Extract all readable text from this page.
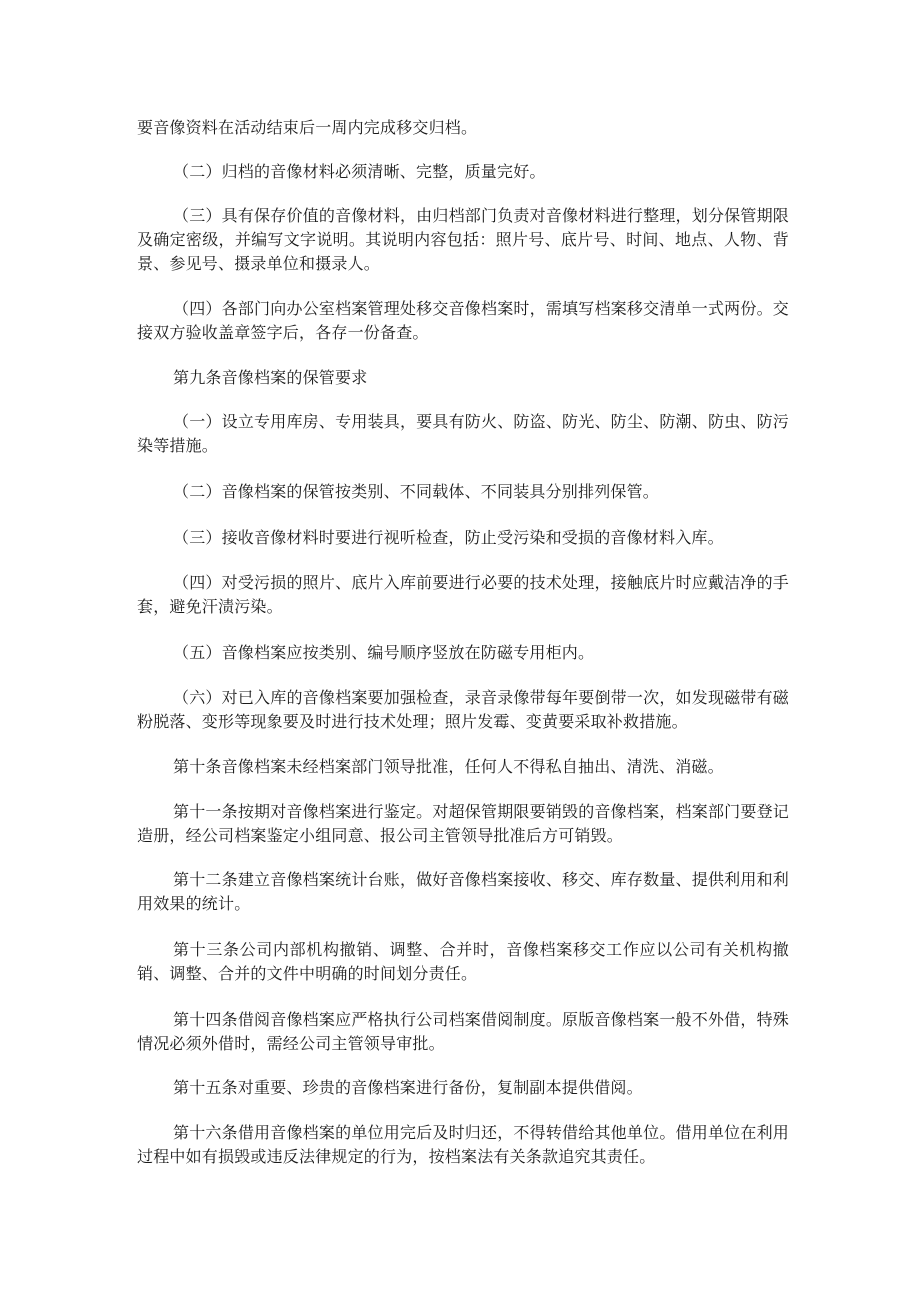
要音像资料在活动结束后一周内完成移交归档。

（二）归档的音像材料必须清晰、完整，质量完好。

（三）具有保存价值的音像材料，由归档部门负责对音像材料进行整理，划分保管期限及确定密级，并编写文字说明。其说明内容包括：照片号、底片号、时间、地点、人物、背景、参见号、摄录单位和摄录人。

（四）各部门向办公室档案管理处移交音像档案时，需填写档案移交清单一式两份。交接双方验收盖章签字后，各存一份备查。

第九条音像档案的保管要求

（一）设立专用库房、专用装具，要具有防火、防盗、防光、防尘、防潮、防虫、防污染等措施。

（二）音像档案的保管按类别、不同载体、不同装具分别排列保管。

（三）接收音像材料时要进行视听检查，防止受污染和受损的音像材料入库。

（四）对受污损的照片、底片入库前要进行必要的技术处理，接触底片时应戴洁净的手套，避免汗渍污染。

（五）音像档案应按类别、编号顺序竖放在防磁专用柜内。

（六）对已入库的音像档案要加强检查，录音录像带每年要倒带一次，如发现磁带有磁粉脱落、变形等现象要及时进行技术处理；照片发霉、变黄要采取补救措施。

第十条音像档案未经档案部门领导批准，任何人不得私自抽出、清洗、消磁。

第十一条按期对音像档案进行鉴定。对超保管期限要销毁的音像档案，档案部门要登记造册，经公司档案鉴定小组同意、报公司主管领导批准后方可销毁。

第十二条建立音像档案统计台账，做好音像档案接收、移交、库存数量、提供利用和利用效果的统计。

第十三条公司内部机构撤销、调整、合并时，音像档案移交工作应以公司有关机构撤销、调整、合并的文件中明确的时间划分责任。

第十四条借阅音像档案应严格执行公司档案借阅制度。原版音像档案一般不外借，特殊情况必须外借时，需经公司主管领导审批。

第十五条对重要、珍贵的音像档案进行备份，复制副本提供借阅。

第十六条借用音像档案的单位用完后及时归还，不得转借给其他单位。借用单位在利用过程中如有损毁或违反法律规定的行为，按档案法有关条款追究其责任。
